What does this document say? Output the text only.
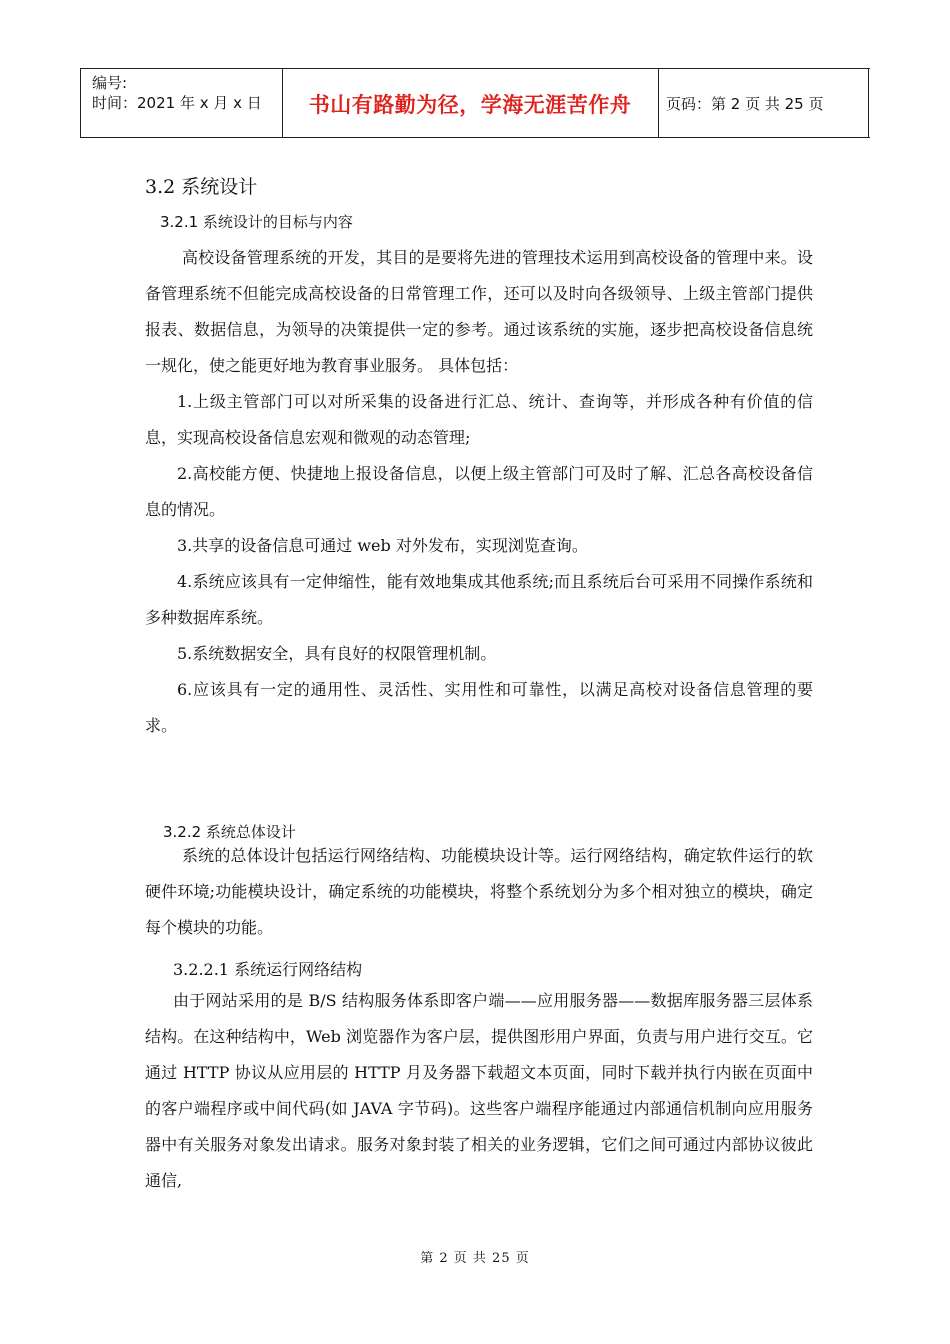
编号:
时间：2021 年 x 月 x 日	书山有路勤为径，学海无涯苦作舟	页码：第 2 页 共 25 页
3.2 系统设计
3.2.1 系统设计的目标与内容

高校设备管理系统的开发，其目的是要将先进的管理技术运用到高校设备的管理中来。设备管理系统不但能完成高校设备的日常管理工作，还可以及时向各级领导、上级主管部门提供报表、数据信息，为领导的决策提供一定的参考。通过该系统的实施，逐步把高校设备信息统一规化，使之能更好地为教育事业服务。 具体包括：

1.上级主管部门可以对所采集的设备进行汇总、统计、查询等，并形成各种有价值的信息，实现高校设备信息宏观和微观的动态管理;

2.高校能方便、快捷地上报设备信息，以便上级主管部门可及时了解、汇总各高校设备信息的情况。

3.共享的设备信息可通过 web 对外发布，实现浏览查询。

4.系统应该具有一定伸缩性，能有效地集成其他系统;而且系统后台可采用不同操作系统和多种数据库系统。

5.系统数据安全，具有良好的权限管理机制。

6.应该具有一定的通用性、灵活性、实用性和可靠性，以满足高校对设备信息管理的要求。

3.2.2 系统总体设计

系统的总体设计包括运行网络结构、功能模块设计等。运行网络结构，确定软件运行的软硬件环境;功能模块设计，确定系统的功能模块，将整个系统划分为多个相对独立的模块，确定每个模块的功能。

3.2.2.1 系统运行网络结构

由于网站采用的是 B/S 结构服务体系即客户端——应用服务器——数据库服务器三层体系结构。在这种结构中，Web 浏览器作为客户层，提供图形用户界面，负责与用户进行交互。它通过 HTTP 协议从应用层的 HTTP 月及务器下载超文本页面，同时下载并执行内嵌在页面中的客户端程序或中间代码(如 JAVA 字节码)。这些客户端程序能通过内部通信机制向应用服务器中有关服务对象发出请求。服务对象封装了相关的业务逻辑，它们之间可通过内部协议彼此通信,

第 2 页 共 25 页
